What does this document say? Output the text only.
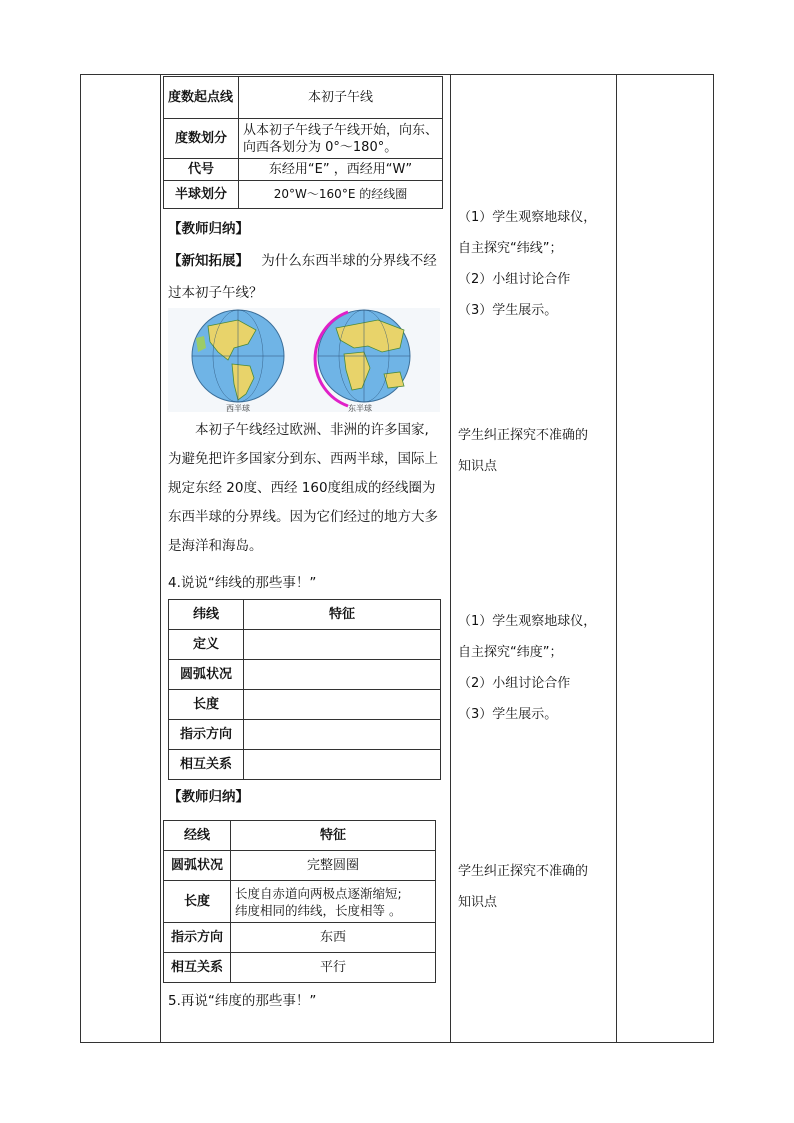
度数起点线	本初子午线
度数划分	从本初子午线子午线开始，向东、向西各划分为 0°～180°。
代号	东经用“E” ，西经用“W”
半球划分	20°W～160°E 的经线圈
【教师归纳】
【新知拓展】 为什么东西半球的分界线不经
过本初子午线？
西半球	东半球

本初子午线经过欧洲、非洲的许多国家,

为避免把许多国家分到东、西两半球，国际上

规定东经 20度、西经 160度组成的经线圈为

东西半球的分界线。因为它们经过的地方大多

是海洋和海岛。

4.说说“纬线的那些事！”
纬线	特征
定义	
圆弧状况	
长度	
指示方向	
相互关系	
【教师归纳】
经线	特征
圆弧状况	完整圆圈
长度	长度自赤道向两极点逐渐缩短;
纬度相同的纬线，长度相等 。

指示方向	东西
相互关系	平行
5.再说“纬度的那些事！”

（1）学生观察地球仪，

自主探究“纬线”；

（2）小组讨论合作

（3）学生展示。

学生纠正探究不准确的

知识点

（1）学生观察地球仪，

自主探究“纬度”；

（2）小组讨论合作

（3）学生展示。

学生纠正探究不准确的

知识点
